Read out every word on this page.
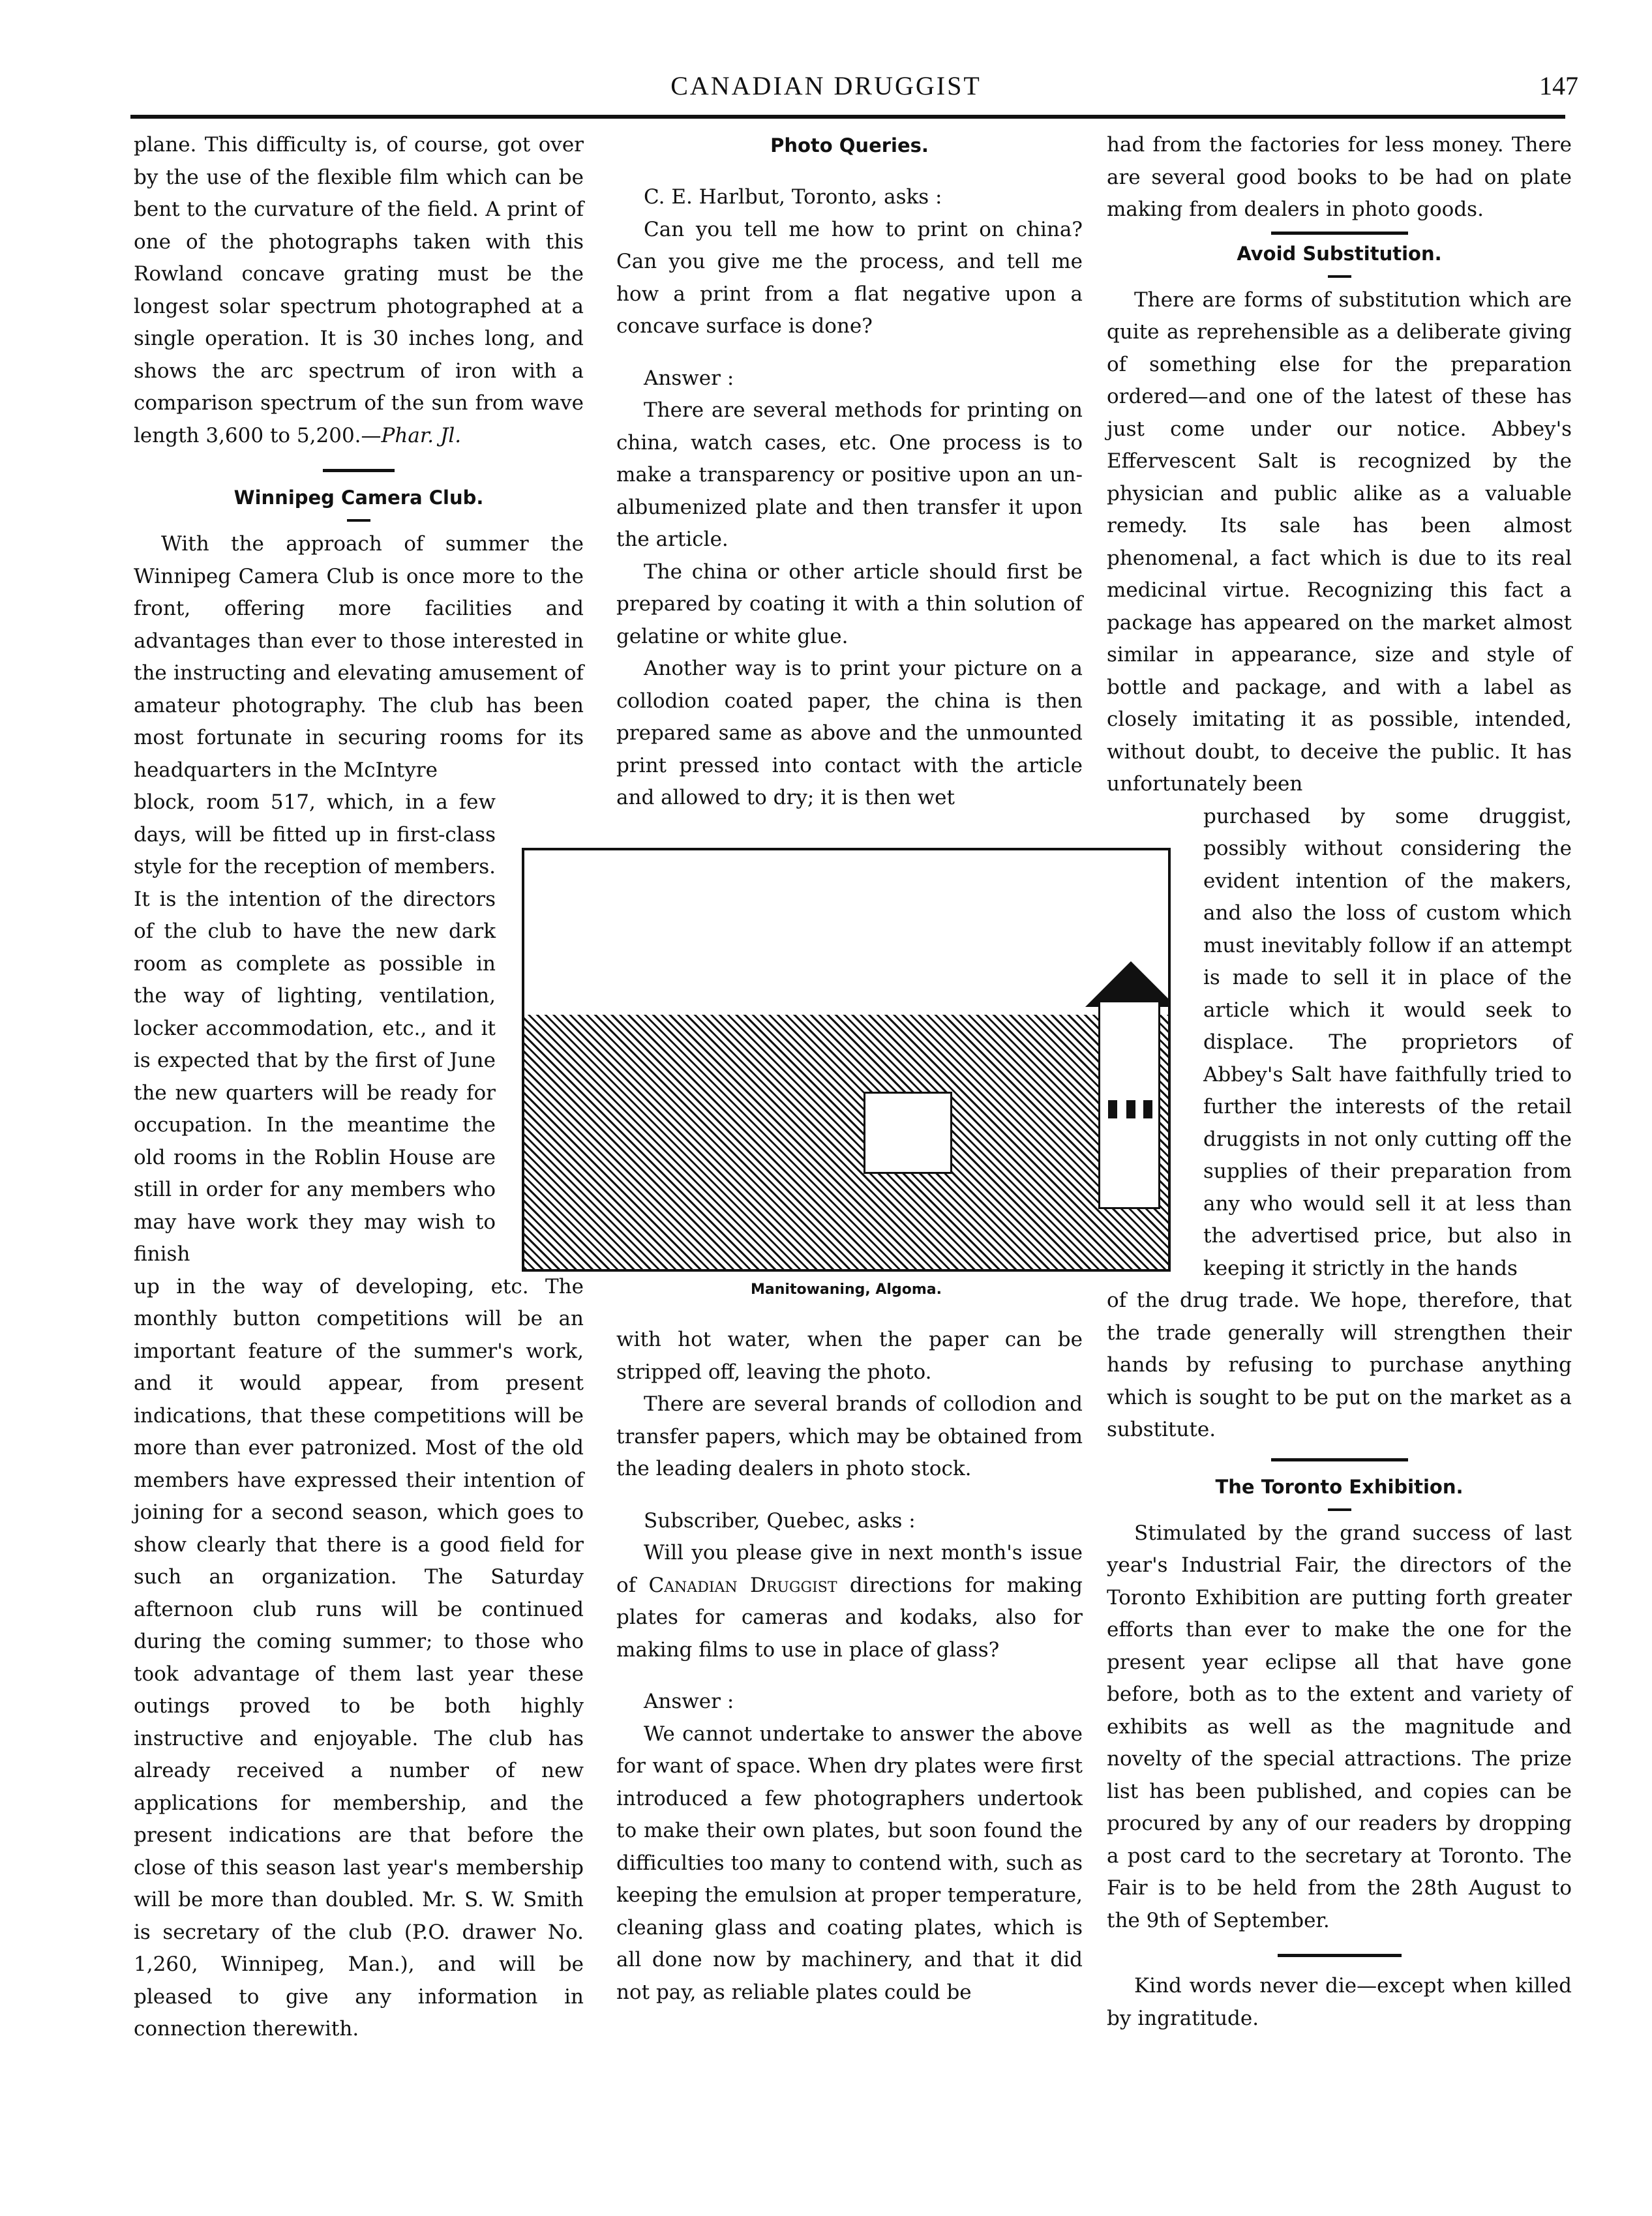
CANADIAN DRUGGIST	147

plane. This difficulty is, of course, got over by the use of the flexible film which can be bent to the curvature of the field. A print of one of the photographs taken with this Rowland concave grating must be the longest solar spectrum photographed at a single operation. It is 30 inches long, and shows the arc spectrum of iron with a comparison spectrum of the sun from wave length 3,600 to 5,200.—Phar. Jl.

Winnipeg Camera Club.

With the approach of summer the Winnipeg Camera Club is once more to the front, offering more facilities and advantages than ever to those interested in the instructing and elevating amusement of amateur photography. The club has been most fortunate in securing rooms for its headquarters in the McIntyre

block, room 517, which, in a few days, will be fitted up in first-class style for the reception of members. It is the intention of the directors of the club to have the new dark room as complete as possible in the way of lighting, ventilation, locker accommodation, etc., and it is expected that by the first of June the new quarters will be ready for occupation. In the meantime the old rooms in the Roblin House are still in order for any members who may have work they may wish to finish

up in the way of developing, etc. The monthly button competitions will be an important feature of the summer's work, and it would appear, from present indications, that these competitions will be more than ever patronized. Most of the old members have expressed their intention of joining for a second season, which goes to show clearly that there is a good field for such an organization. The Saturday afternoon club runs will be continued during the coming summer; to those who took advantage of them last year these outings proved to be both highly instructive and enjoyable. The club has already received a number of new applications for membership, and the present indications are that before the close of this season last year's membership will be more than doubled. Mr. S. W. Smith is secretary of the club (P.O. drawer No. 1,260, Winnipeg, Man.), and will be pleased to give any information in connection therewith.

Photo Queries.

C. E. Harlbut, Toronto, asks :

Can you tell me how to print on china? Can you give me the process, and tell me how a print from a flat negative upon a concave surface is done?

Answer :

There are several methods for printing on china, watch cases, etc. One process is to make a transparency or positive upon an un-albumenized plate and then transfer it upon the article.

The china or other article should first be prepared by coating it with a thin solution of gelatine or white glue.

Another way is to print your picture on a collodion coated paper, the china is then prepared same as above and the unmounted print pressed into contact with the article and allowed to dry; it is then wet

Manitowaning, Algoma.

with hot water, when the paper can be stripped off, leaving the photo.

There are several brands of collodion and transfer papers, which may be obtained from the leading dealers in photo stock.

Subscriber, Quebec, asks :

Will you please give in next month's issue of Canadian Druggist directions for making plates for cameras and kodaks, also for making films to use in place of glass?

Answer :

We cannot undertake to answer the above for want of space. When dry plates were first introduced a few photographers undertook to make their own plates, but soon found the difficulties too many to contend with, such as keeping the emulsion at proper temperature, cleaning glass and coating plates, which is all done now by machinery, and that it did not pay, as reliable plates could be

had from the factories for less money. There are several good books to be had on plate making from dealers in photo goods.

Avoid Substitution.

There are forms of substitution which are quite as reprehensible as a deliberate giving of something else for the preparation ordered—and one of the latest of these has just come under our notice. Abbey's Effervescent Salt is recognized by the physician and public alike as a valuable remedy. Its sale has been almost phenomenal, a fact which is due to its real medicinal virtue. Recognizing this fact a package has appeared on the market almost similar in appearance, size and style of bottle and package, and with a label as closely imitating it as possible, intended, without doubt, to deceive the public. It has unfortunately been

purchased by some druggist, possibly without considering the evident intention of the makers, and also the loss of custom which must inevitably follow if an attempt is made to sell it in place of the article which it would seek to displace. The proprietors of Abbey's Salt have faithfully tried to further the interests of the retail druggists in not only cutting off the supplies of their preparation from any who would sell it at less than the advertised price, but also in keeping it strictly in the hands

of the drug trade. We hope, therefore, that the trade generally will strengthen their hands by refusing to purchase anything which is sought to be put on the market as a substitute.

The Toronto Exhibition.

Stimulated by the grand success of last year's Industrial Fair, the directors of the Toronto Exhibition are putting forth greater efforts than ever to make the one for the present year eclipse all that have gone before, both as to the extent and variety of exhibits as well as the magnitude and novelty of the special attractions. The prize list has been published, and copies can be procured by any of our readers by dropping a post card to the secretary at Toronto. The Fair is to be held from the 28th August to the 9th of September.

Kind words never die—except when killed by ingratitude.
